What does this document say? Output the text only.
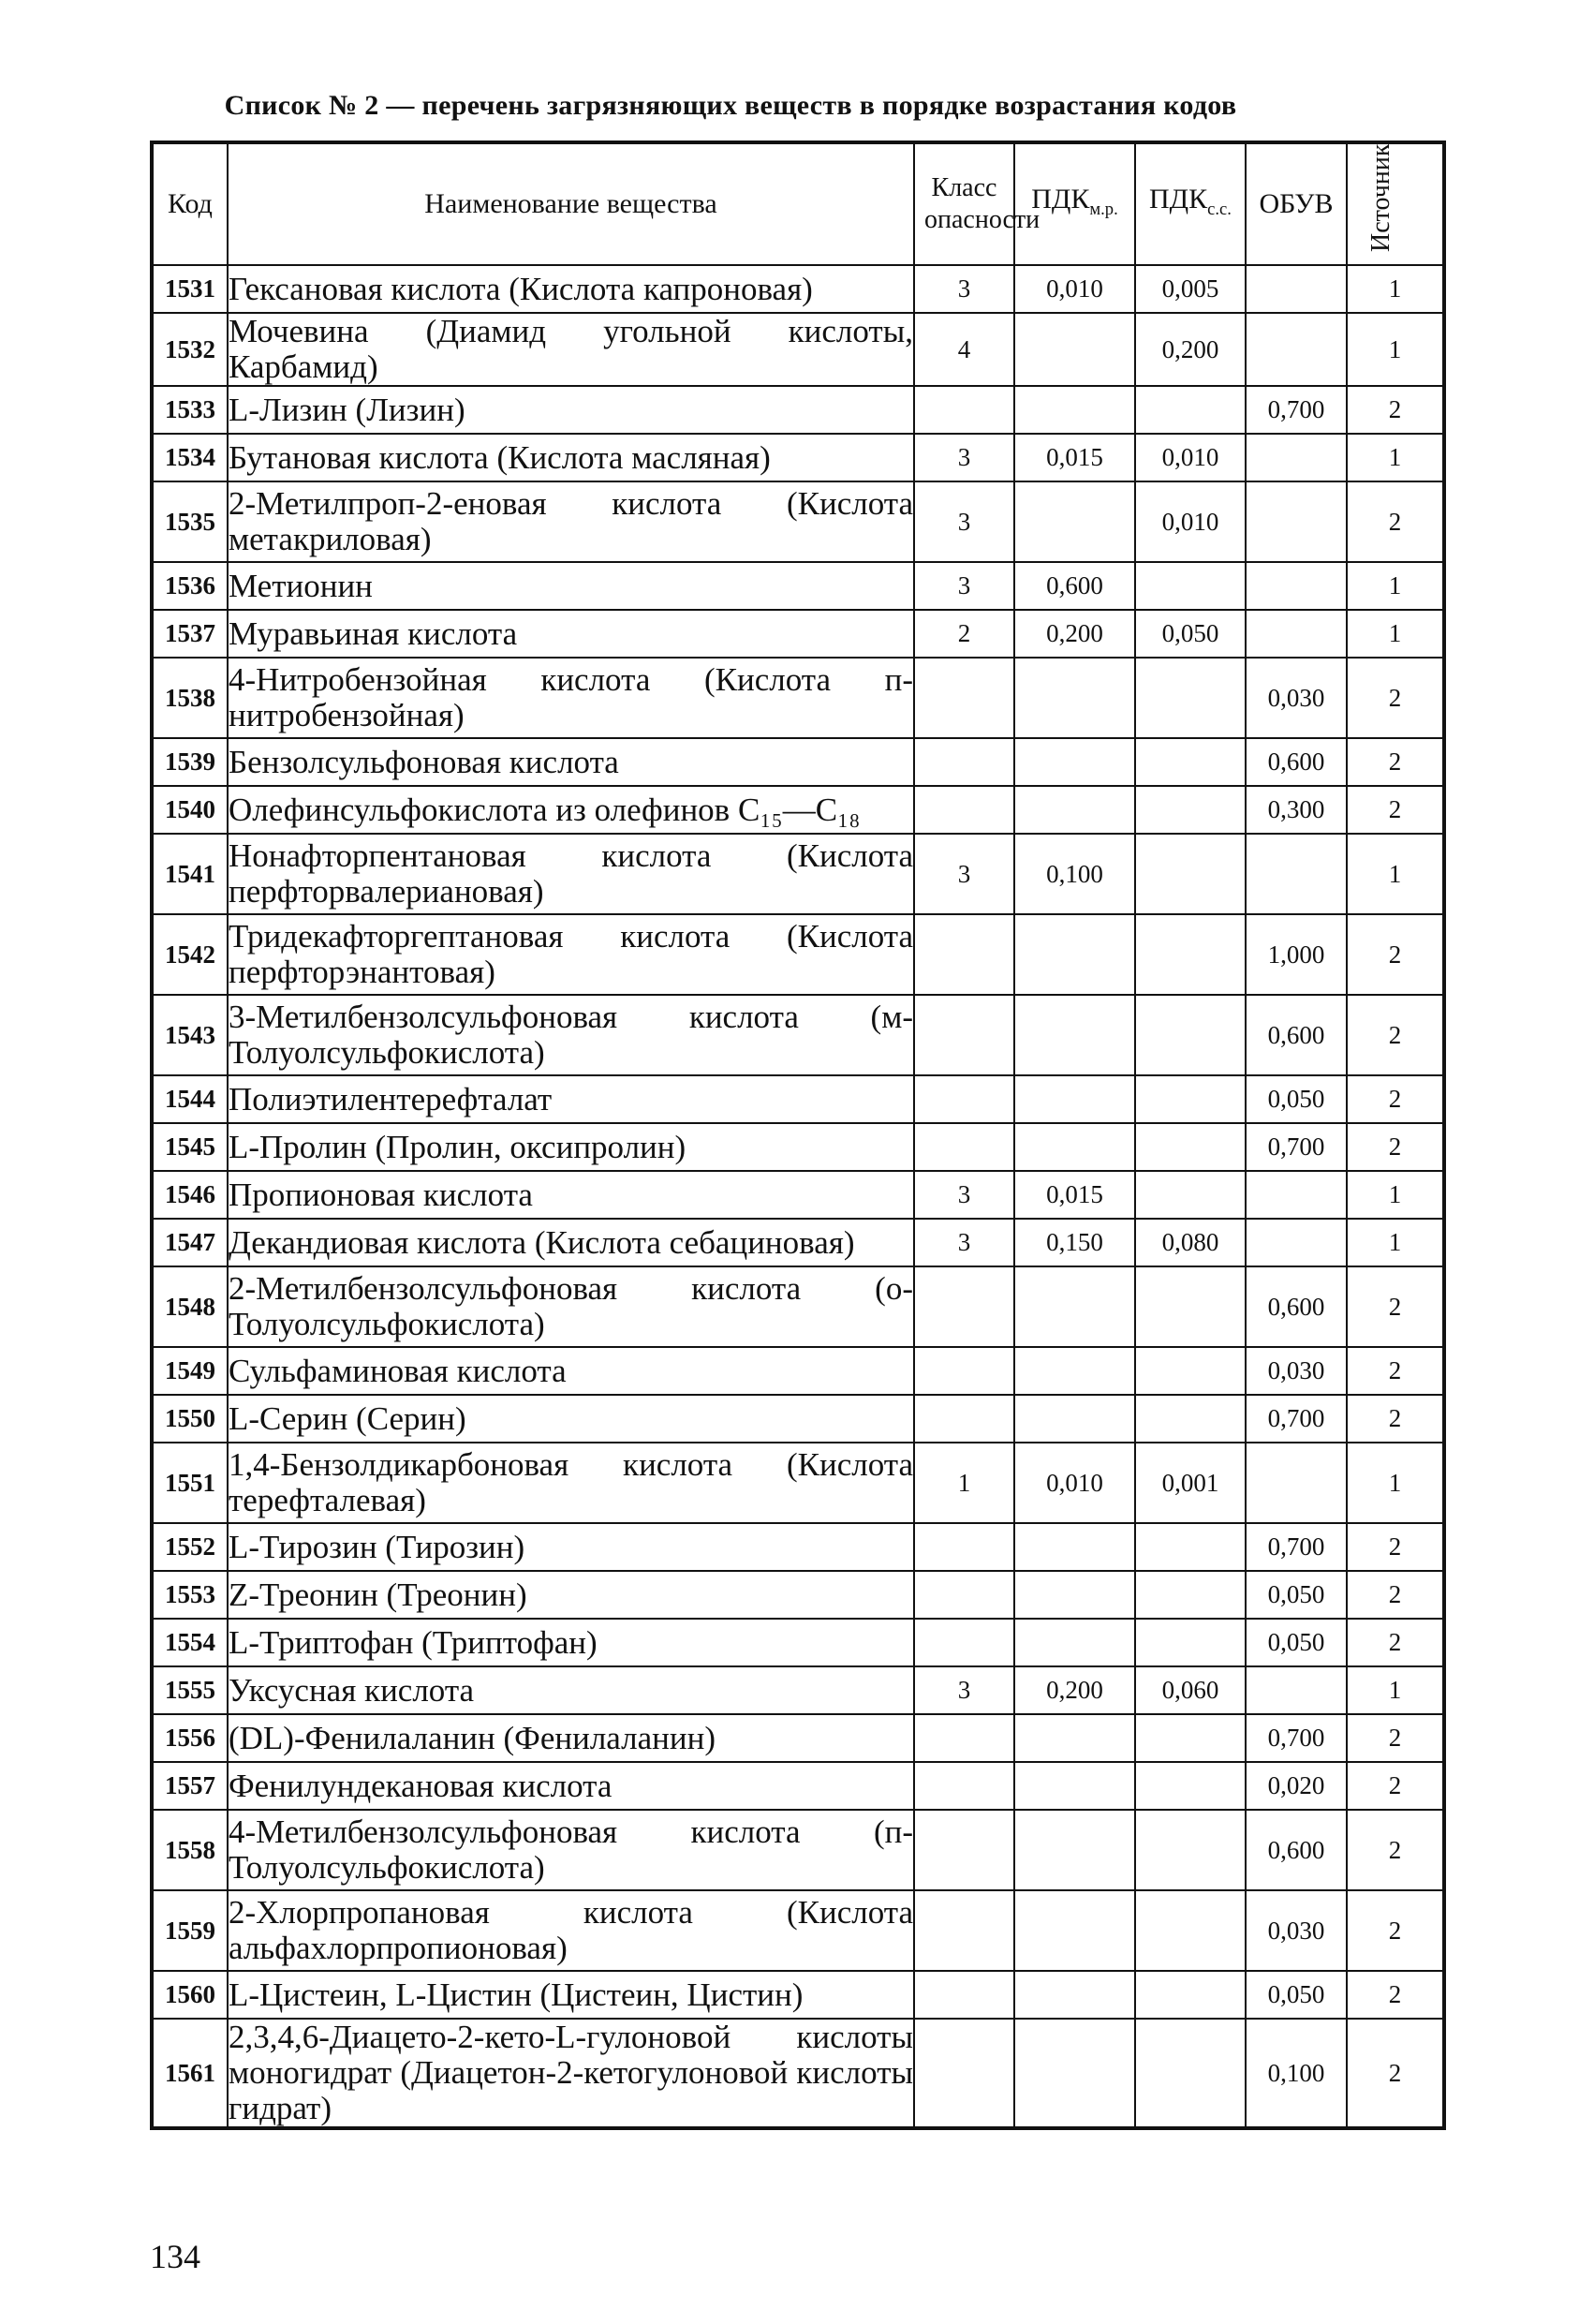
Список № 2 — перечень загрязняющих веществ в порядке возрастания кодов
Код	Наименование вещества	Класс опасности	$ПДК_{м.р.}$	$ПДК_{с.с.}$	ОБУВ	Источник
1531	Гексановая кислота (Кислота капроновая)	3	0,010	0,005		1
1532	Мочевина (Диамид угольной кислоты, Карбамид)	4		0,200		1
1533	L-Лизин (Лизин)				0,700	2
1534	Бутановая кислота (Кислота масляная)	3	0,015	0,010		1
1535	2-Метилпроп-2-еновая кислота (Кислота метакриловая)	3		0,010		2
1536	Метионин	3	0,600			1
1537	Муравьиная кислота	2	0,200	0,050		1
1538	4-Нитробензойная кислота (Кислота п-нитробензойная)				0,030	2
1539	Бензолсульфоновая кислота				0,600	2
1540	Олефинсульфокислота из олефинов C₁₅—C₁₈				0,300	2
1541	Нонафторпентановая кислота (Кислота перфторвалериановая)	3	0,100			1
1542	Тридекафторгептановая кислота (Кислота перфторэнантовая)				1,000	2
1543	3-Метилбензолсульфоновая кислота (м-Толуолсульфокислота)				0,600	2
1544	Полиэтилентерефталат				0,050	2
1545	L-Пролин (Пролин, оксипролин)				0,700	2
1546	Пропионовая кислота	3	0,015			1
1547	Декандиовая кислота (Кислота себациновая)	3	0,150	0,080		1
1548	2-Метилбензолсульфоновая кислота (о-Толуолсульфокислота)				0,600	2
1549	Сульфаминовая кислота				0,030	2
1550	L-Серин (Серин)				0,700	2
1551	1,4-Бензолдикарбоновая кислота (Кислота терефталевая)	1	0,010	0,001		1
1552	L-Тирозин (Тирозин)				0,700	2
1553	Z-Треонин (Треонин)				0,050	2
1554	L-Триптофан (Триптофан)				0,050	2
1555	Уксусная кислота	3	0,200	0,060		1
1556	(DL)-Фенилаланин (Фенилаланин)				0,700	2
1557	Фенилундекановая кислота				0,020	2
1558	4-Метилбензолсульфоновая кислота (п-Толуолсульфокислота)				0,600	2
1559	2-Хлорпропановая кислота (Кислота альфахлорпропионовая)				0,030	2
1560	L-Цистеин, L-Цистин (Цистеин, Цистин)				0,050	2
1561	2,3,4,6-Диацето-2-кето-L-гулоновой кислоты моногидрат (Диацетон-2-кетогулоновой кислоты гидрат)				0,100	2

134
